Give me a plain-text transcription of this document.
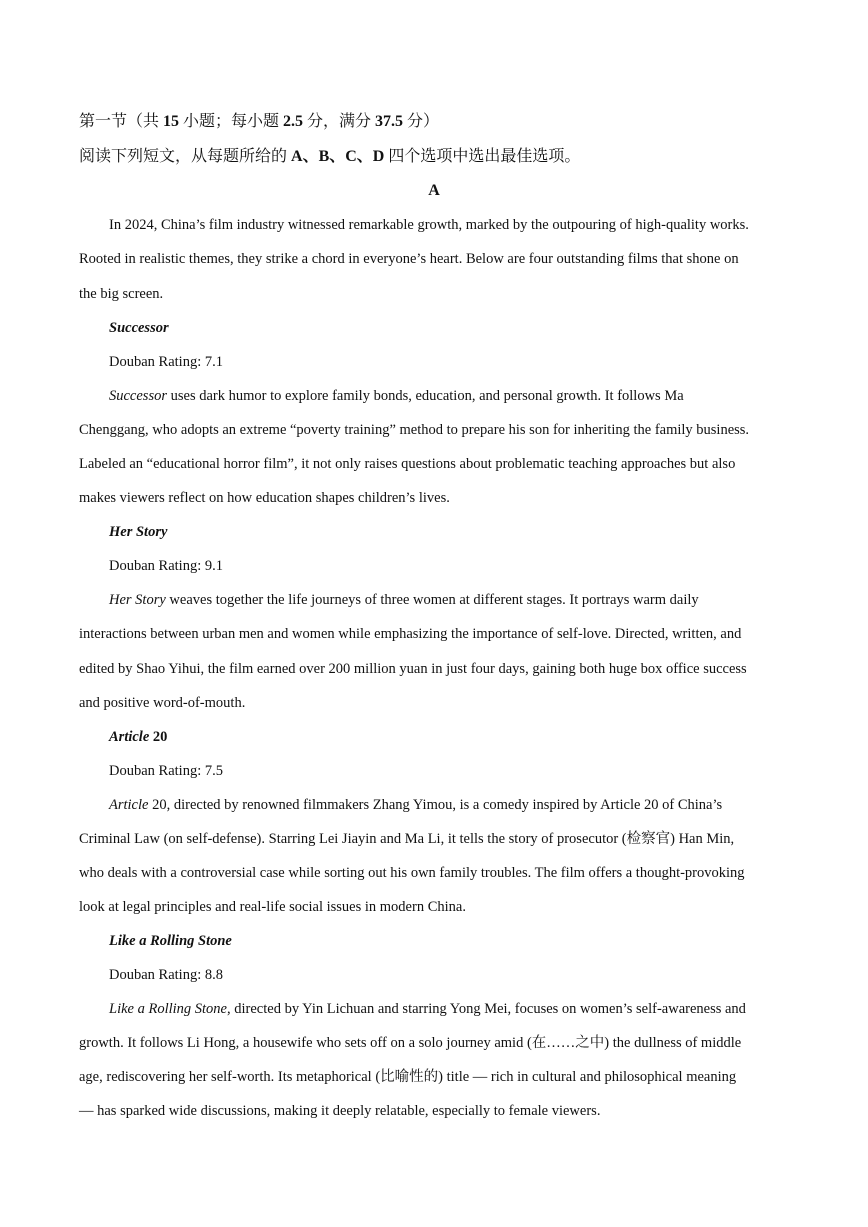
第一节（共 15 小题；每小题 2.5 分，满分 37.5 分）
阅读下列短文，从每题所给的 A、B、C、D 四个选项中选出最佳选项。
A
In 2024, China’s film industry witnessed remarkable growth, marked by the outpouring of high-quality works.
Rooted in realistic themes, they strike a chord in everyone’s heart. Below are four outstanding films that shone on
the big screen.
Successor
Douban Rating: 7.1
Successor uses dark humor to explore family bonds, education, and personal growth. It follows Ma
Chenggang, who adopts an extreme “poverty training” method to prepare his son for inheriting the family business.
Labeled an “educational horror film”, it not only raises questions about problematic teaching approaches but also
makes viewers reflect on how education shapes children’s lives.
Her Story
Douban Rating: 9.1
Her Story weaves together the life journeys of three women at different stages. It portrays warm daily
interactions between urban men and women while emphasizing the importance of self-love. Directed, written, and
edited by Shao Yihui, the film earned over 200 million yuan in just four days, gaining both huge box office success
and positive word-of-mouth.
Article 20
Douban Rating: 7.5
Article 20, directed by renowned filmmakers Zhang Yimou, is a comedy inspired by Article 20 of China’s
Criminal Law (on self-defense). Starring Lei Jiayin and Ma Li, it tells the story of prosecutor (检察官) Han Min,
who deals with a controversial case while sorting out his own family troubles. The film offers a thought-provoking
look at legal principles and real-life social issues in modern China.
Like a Rolling Stone
Douban Rating: 8.8
Like a Rolling Stone, directed by Yin Lichuan and starring Yong Mei, focuses on women’s self-awareness and
growth. It follows Li Hong, a housewife who sets off on a solo journey amid (在……之中) the dullness of middle
age, rediscovering her self-worth. Its metaphorical (比喻性的) title — rich in cultural and philosophical meaning
— has sparked wide discussions, making it deeply relatable, especially to female viewers.
